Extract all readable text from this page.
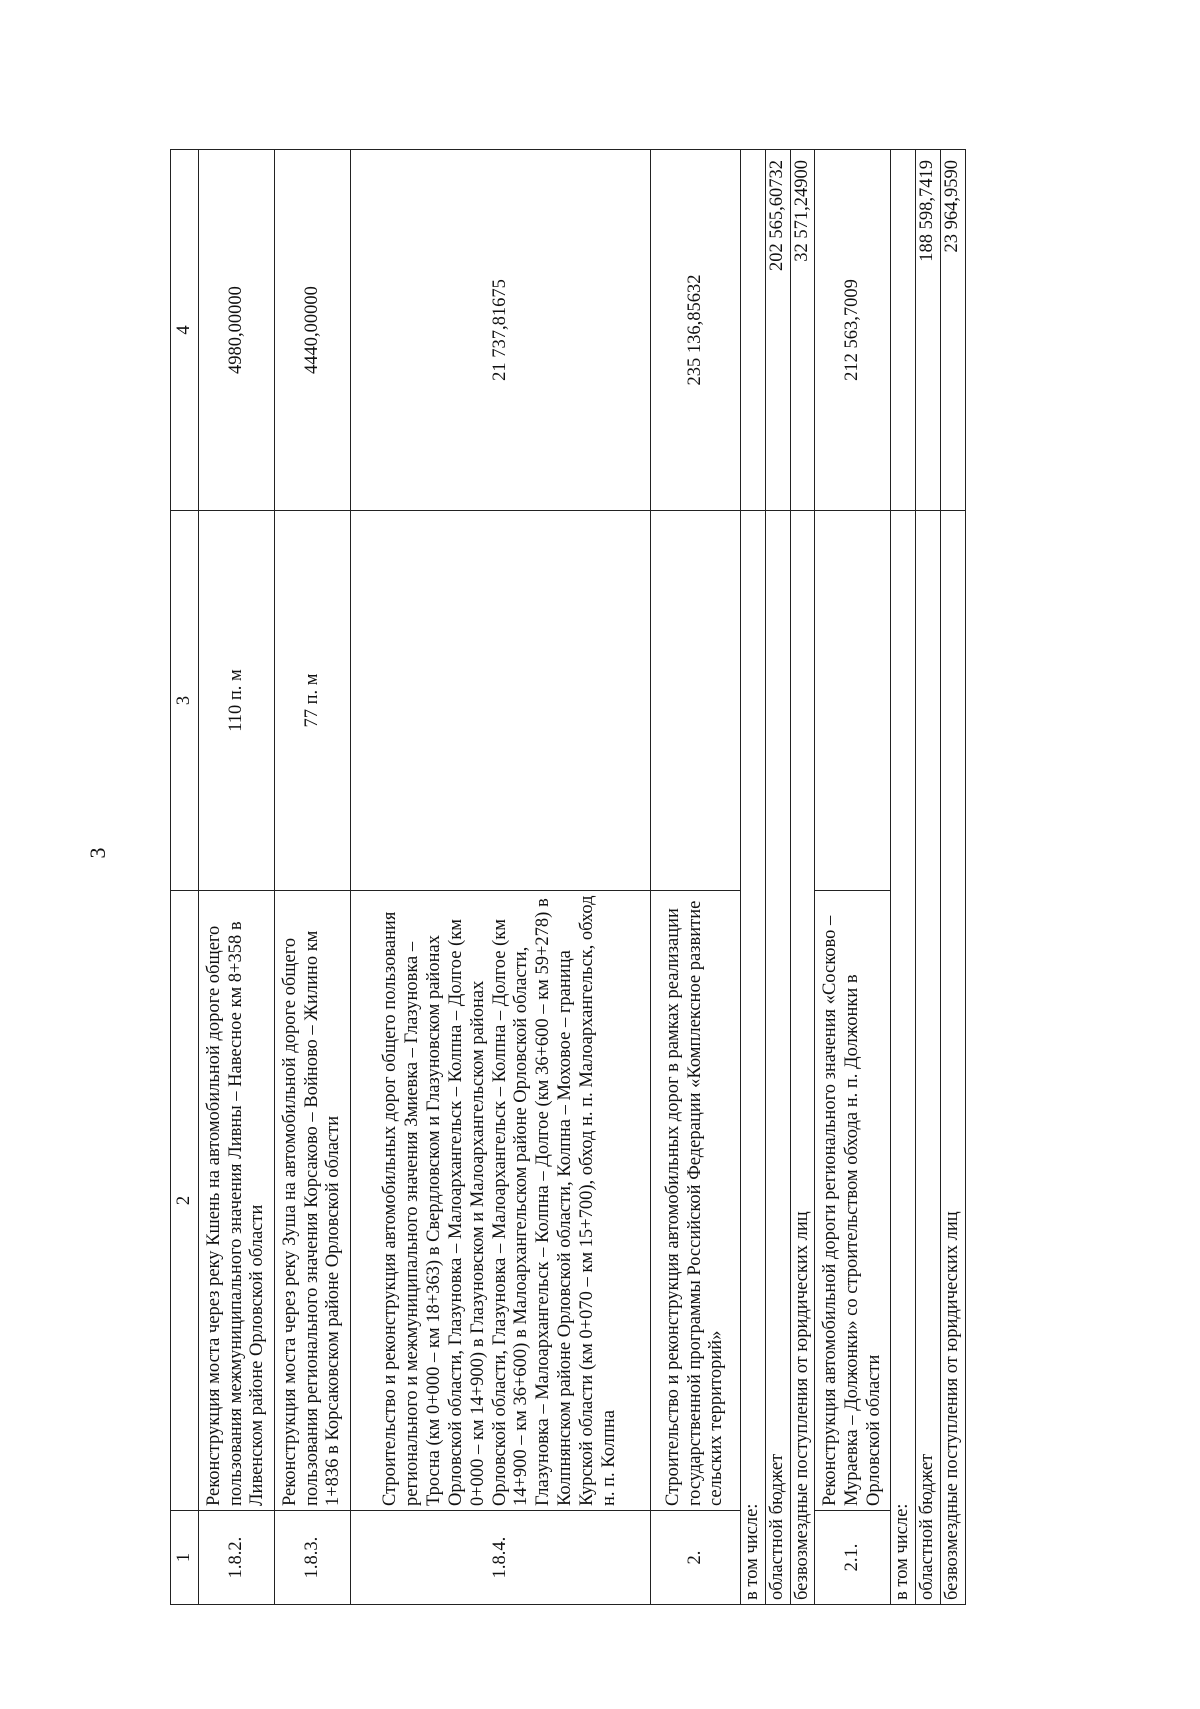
3
1	2	3	4
1.8.2.	Реконструкция моста через реку Кшень на автомобильной дороге общего пользования межмуниципального значения Ливны – Навесное км 8+358 в Ливенском районе Орловской области	110 п. м	4980,00000
1.8.3.	Реконструкция моста через реку Зуша на автомобильной дороге общего пользования регионального значения Корсаково – Войново – Жилино км 1+836 в Корсаковском районе Орловской области	77 п. м	4440,00000
1.8.4.	Строительство и реконструкция автомобильных дорог общего пользования регионального и межмуниципального значения Змиевка – Глазуновка – Тросна (км 0+000 – км 18+363) в Свердловском и Глазуновском районах Орловской области, Глазуновка – Малоархангельск – Колпна – Долгое (км 0+000 – км 14+900) в Глазуновском и Малоархангельском районах Орловской области, Глазуновка – Малоархангельск – Колпна – Долгое (км 14+900 – км 36+600) в Малоархангельском районе Орловской области, Глазуновка – Малоархангельск – Колпна – Долгое (км 36+600 – км 59+278) в Колпнянском районе Орловской области, Колпна – Моховое – граница Курской области (км 0+070 – км 15+700), обход н. п. Малоархангельск, обход н. п. Колпна		21 737,81675
2.	Строительство и реконструкция автомобильных дорог в рамках реализации государственной программы Российской Федерации «Комплексное развитие сельских территорий»		235 136,85632
в том числе:			
областной бюджет			202 565,60732
безвозмездные поступления от юридических лиц			32 571,24900
2.1.	Реконструкция автомобильной дороги регионального значения «Сосково – Мураевка – Должонки» со строительством обхода н. п. Должонки в Орловской области		212 563,7009
в том числе:			
областной бюджет			188 598,7419
безвозмездные поступления от юридических лиц			23 964,9590
